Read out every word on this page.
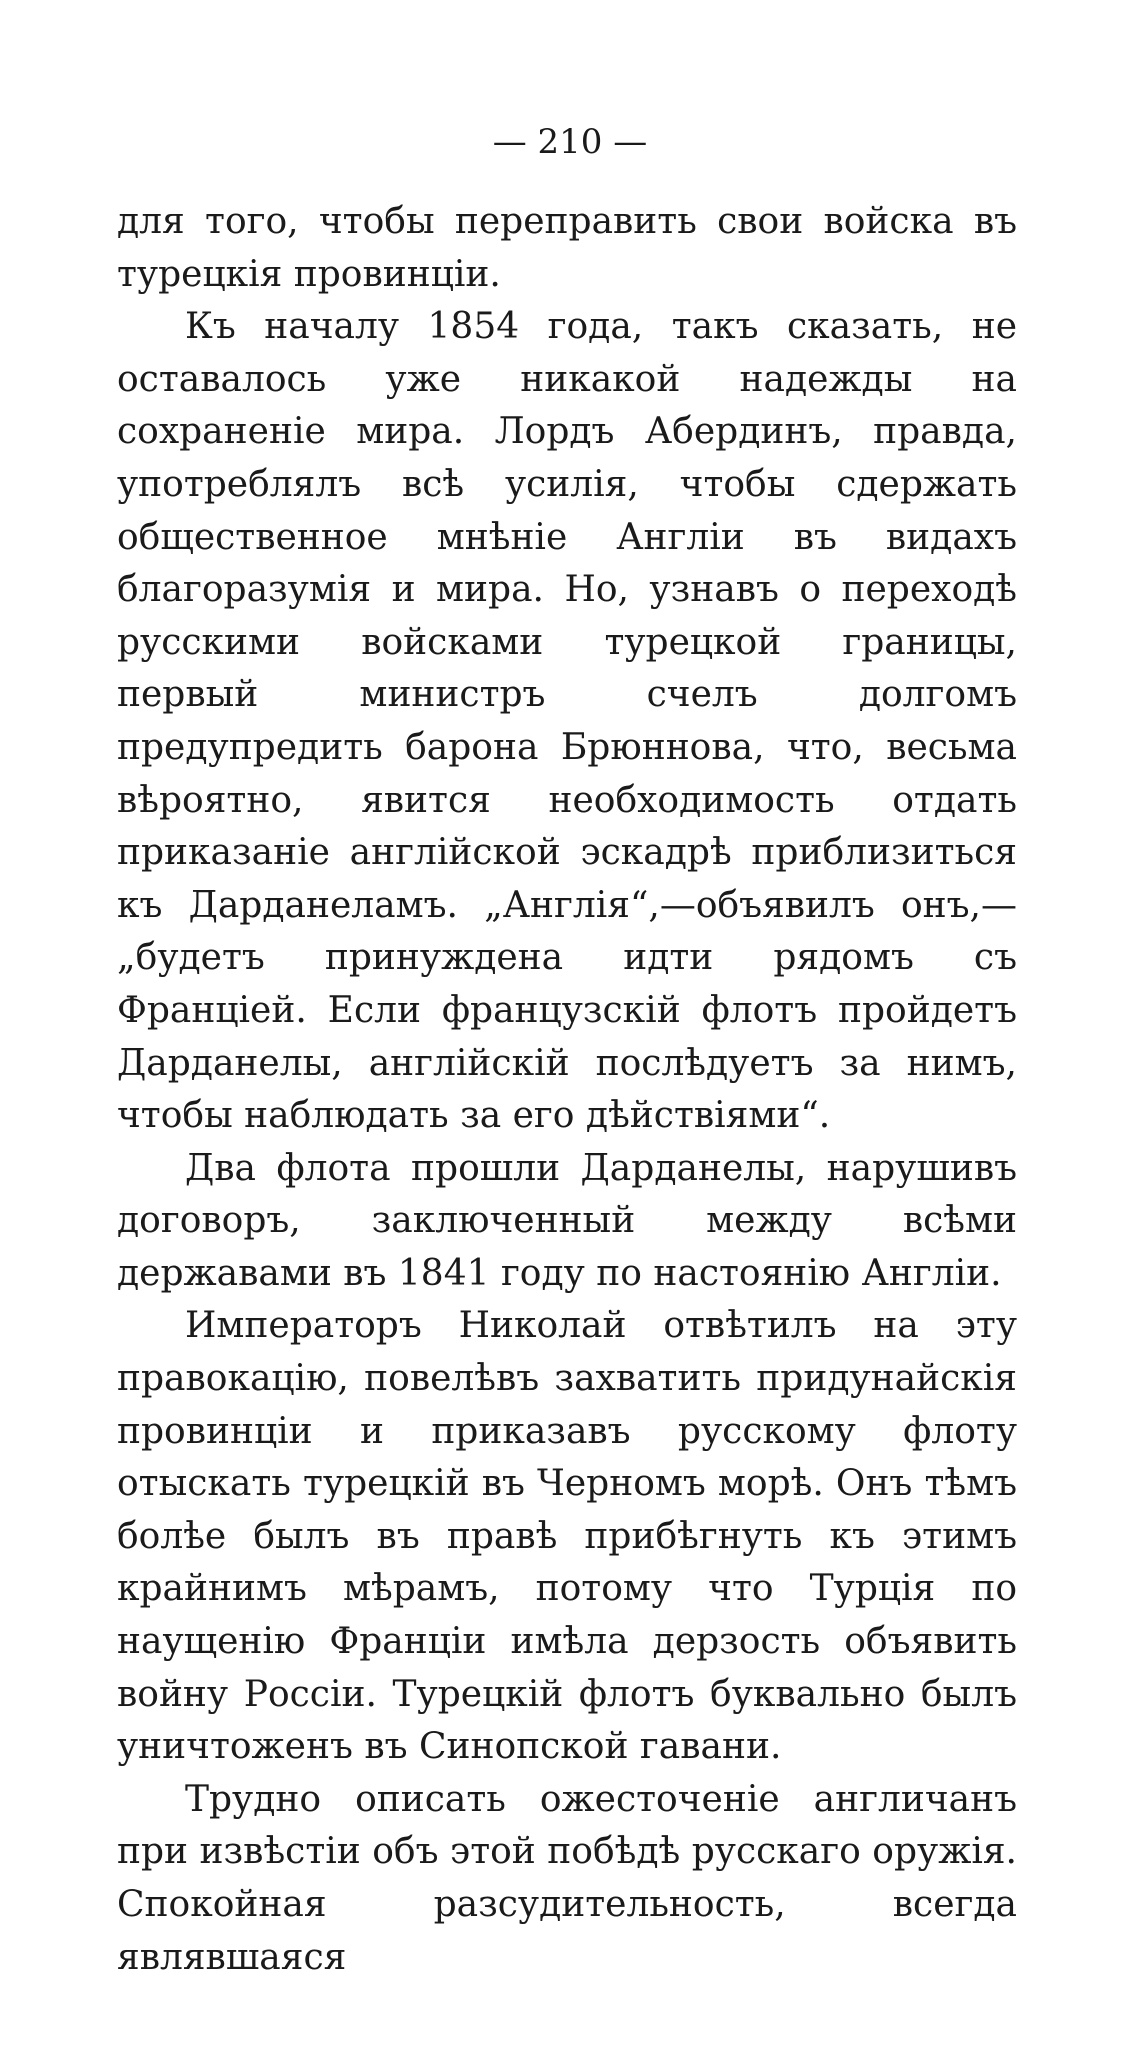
— 210 —

для того, чтобы переправить свои войска въ турецкія провинціи.

Къ началу 1854 года, такъ сказать, не оставалось уже никакой надежды на сохраненіе мира. Лордъ Абердинъ, правда, употреблялъ всѣ усилія, чтобы сдержать общественное мнѣніе Англіи въ видахъ благоразумія и мира. Но, узнавъ о переходѣ русскими войсками турецкой границы, первый министръ счелъ долгомъ предупредить барона Брюннова, что, весьма вѣроятно, явится необходимость отдать приказаніе англійской эскадрѣ приблизиться къ Дарданеламъ. „Англія“,—объявилъ онъ,—„будетъ принуждена идти рядомъ съ Франціей. Если французскій флотъ пройдетъ Дарданелы, англійскій послѣдуетъ за нимъ, чтобы наблюдать за его дѣйствіями“.

Два флота прошли Дарданелы, нарушивъ договоръ, заключенный между всѣми державами въ 1841 году по настоянію Англіи.

Императоръ Николай отвѣтилъ на эту правокацію, повелѣвъ захватить придунайскія провинціи и приказавъ русскому флоту отыскать турецкій въ Черномъ морѣ. Онъ тѣмъ болѣе былъ въ правѣ прибѣгнуть къ этимъ крайнимъ мѣрамъ, потому что Турція по наущенію Франціи имѣла дерзость объявить войну Россіи. Турецкій флотъ буквально былъ уничтоженъ въ Синопской гавани.

Трудно описать ожесточеніе англичанъ при извѣстіи объ этой побѣдѣ русскаго оружія. Спокойная разсудительность, всегда являвшаяся
